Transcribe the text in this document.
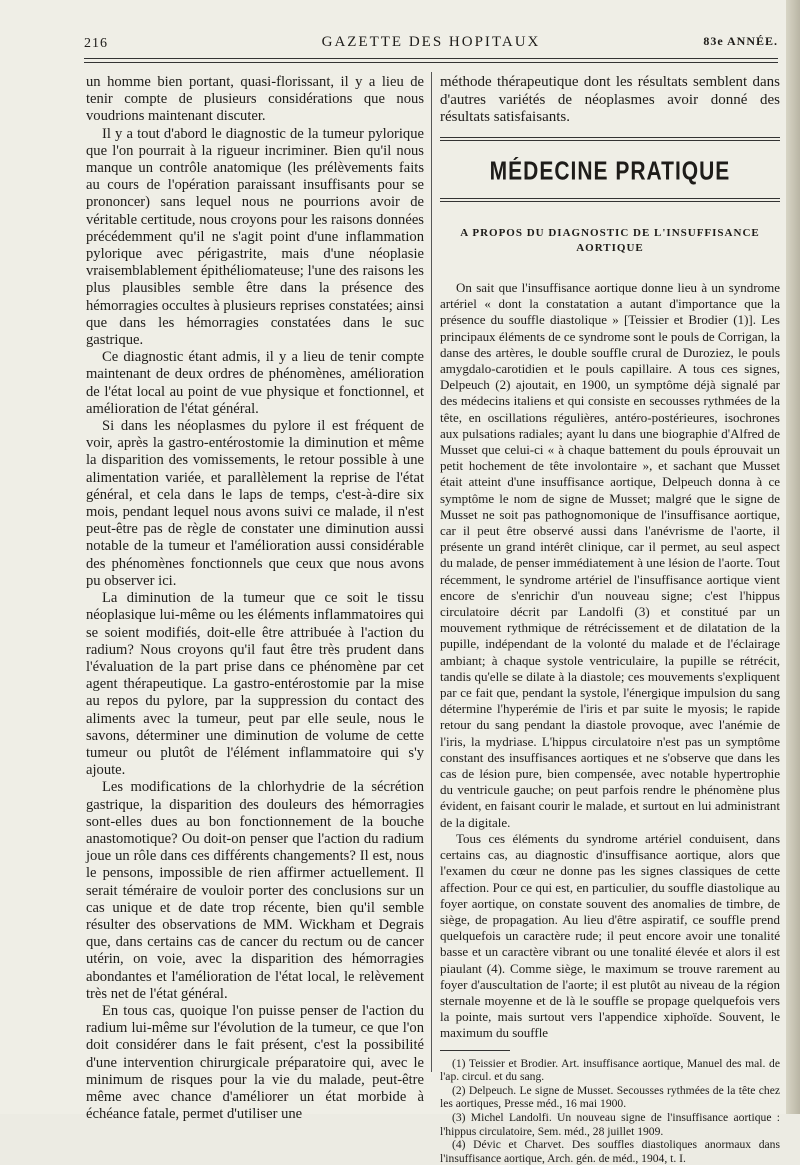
216	GAZETTE DES HOPITAUX	83e ANNÉE.

un homme bien portant, quasi-florissant, il y a lieu de tenir compte de plusieurs considérations que nous voudrions maintenant discuter.

Il y a tout d'abord le diagnostic de la tumeur pylorique que l'on pourrait à la rigueur incriminer. Bien qu'il nous manque un contrôle anatomique (les prélèvements faits au cours de l'opération paraissant insuffisants pour se prononcer) sans lequel nous ne pourrions avoir de véritable certitude, nous croyons pour les raisons données précédemment qu'il ne s'agit point d'une inflammation pylorique avec périgastrite, mais d'une néoplasie vraisemblablement épithéliomateuse; l'une des raisons les plus plausibles semble être dans la présence des hémorragies occultes à plusieurs reprises constatées; ainsi que dans les hémorragies constatées dans le suc gastrique.

Ce diagnostic étant admis, il y a lieu de tenir compte maintenant de deux ordres de phénomènes, amélioration de l'état local au point de vue physique et fonctionnel, et amélioration de l'état général.

Si dans les néoplasmes du pylore il est fréquent de voir, après la gastro-entérostomie la diminution et même la disparition des vomissements, le retour possible à une alimentation variée, et parallèlement la reprise de l'état général, et cela dans le laps de temps, c'est-à-dire six mois, pendant lequel nous avons suivi ce malade, il n'est peut-être pas de règle de constater une diminution aussi notable de la tumeur et l'amélioration aussi considérable des phénomènes fonctionnels que ceux que nous avons pu observer ici.

La diminution de la tumeur que ce soit le tissu néoplasique lui-même ou les éléments inflammatoires qui se soient modifiés, doit-elle être attribuée à l'action du radium? Nous croyons qu'il faut être très prudent dans l'évaluation de la part prise dans ce phénomène par cet agent thérapeutique. La gastro-entérostomie par la mise au repos du pylore, par la suppression du contact des aliments avec la tumeur, peut par elle seule, nous le savons, déterminer une diminution de volume de cette tumeur ou plutôt de l'élément inflammatoire qui s'y ajoute.

Les modifications de la chlorhydrie de la sécrétion gastrique, la disparition des douleurs des hémorragies sont-elles dues au bon fonctionnement de la bouche anastomotique? Ou doit-on penser que l'action du radium joue un rôle dans ces différents changements? Il est, nous le pensons, impossible de rien affirmer actuellement. Il serait téméraire de vouloir porter des conclusions sur un cas unique et de date trop récente, bien qu'il semble résulter des observations de MM. Wickham et Degrais que, dans certains cas de cancer du rectum ou de cancer utérin, on voie, avec la disparition des hémorragies abondantes et l'amélioration de l'état local, le relèvement très net de l'état général.

En tous cas, quoique l'on puisse penser de l'action du radium lui-même sur l'évolution de la tumeur, ce que l'on doit considérer dans le fait présent, c'est la possibilité d'une intervention chirurgicale préparatoire qui, avec le minimum de risques pour la vie du malade, peut-être même avec chance d'améliorer un état morbide à échéance fatale, permet d'utiliser une

méthode thérapeutique dont les résultats semblent dans d'autres variétés de néoplasmes avoir donné des résultats satisfaisants.

MÉDECINE PRATIQUE
A PROPOS DU DIAGNOSTIC DE L'INSUFFISANCE
AORTIQUE

On sait que l'insuffisance aortique donne lieu à un syndrome artériel « dont la constatation a autant d'importance que la présence du souffle diastolique » [Teissier et Brodier (1)]. Les principaux éléments de ce syndrome sont le pouls de Corrigan, la danse des artères, le double souffle crural de Duroziez, le pouls amygdalo-carotidien et le pouls capillaire. A tous ces signes, Delpeuch (2) ajoutait, en 1900, un symptôme déjà signalé par des médecins italiens et qui consiste en secousses rythmées de la tête, en oscillations régulières, antéro-postérieures, isochrones aux pulsations radiales; ayant lu dans une biographie d'Alfred de Musset que celui-ci « à chaque battement du pouls éprouvait un petit hochement de tête involontaire », et sachant que Musset était atteint d'une insuffisance aortique, Delpeuch donna à ce symptôme le nom de signe de Musset; malgré que le signe de Musset ne soit pas pathognomonique de l'insuffisance aortique, car il peut être observé aussi dans l'anévrisme de l'aorte, il présente un grand intérêt clinique, car il permet, au seul aspect du malade, de penser immédiatement à une lésion de l'aorte. Tout récemment, le syndrome artériel de l'insuffisance aortique vient encore de s'enrichir d'un nouveau signe; c'est l'hippus circulatoire décrit par Landolfi (3) et constitué par un mouvement rythmique de rétrécissement et de dilatation de la pupille, indépendant de la volonté du malade et de l'éclairage ambiant; à chaque systole ventriculaire, la pupille se rétrécit, tandis qu'elle se dilate à la diastole; ces mouvements s'expliquent par ce fait que, pendant la systole, l'énergique impulsion du sang détermine l'hyperémie de l'iris et par suite le myosis; le rapide retour du sang pendant la diastole provoque, avec l'anémie de l'iris, la mydriase. L'hippus circulatoire n'est pas un symptôme constant des insuffisances aortiques et ne s'observe que dans les cas de lésion pure, bien compensée, avec notable hypertrophie du ventricule gauche; on peut parfois rendre le phénomène plus évident, en faisant courir le malade, et surtout en lui administrant de la digitale.

Tous ces éléments du syndrome artériel conduisent, dans certains cas, au diagnostic d'insuffisance aortique, alors que l'examen du cœur ne donne pas les signes classiques de cette affection. Pour ce qui est, en particulier, du souffle diastolique au foyer aortique, on constate souvent des anomalies de timbre, de siège, de propagation. Au lieu d'être aspiratif, ce souffle prend quelquefois un caractère rude; il peut encore avoir une tonalité basse et un caractère vibrant ou une tonalité élevée et alors il est piaulant (4). Comme siège, le maximum se trouve rarement au foyer d'auscultation de l'aorte; il est plutôt au niveau de la région sternale moyenne et de là le souffle se propage quelquefois vers la pointe, mais surtout vers l'appendice xiphoïde. Souvent, le maximum du souffle

(1) Teissier et Brodier. Art. insuffisance aortique, Manuel des mal. de l'ap. circul. et du sang.

(2) Delpeuch. Le signe de Musset. Secousses rythmées de la tête chez les aortiques, Presse méd., 16 mai 1900.

(3) Michel Landolfi. Un nouveau signe de l'insuffisance aortique : l'hippus circulatoire, Sem. méd., 28 juillet 1909.

(4) Dévic et Charvet. Des souffles diastoliques anormaux dans l'insuffisance aortique, Arch. gén. de méd., 1904, t. I.
